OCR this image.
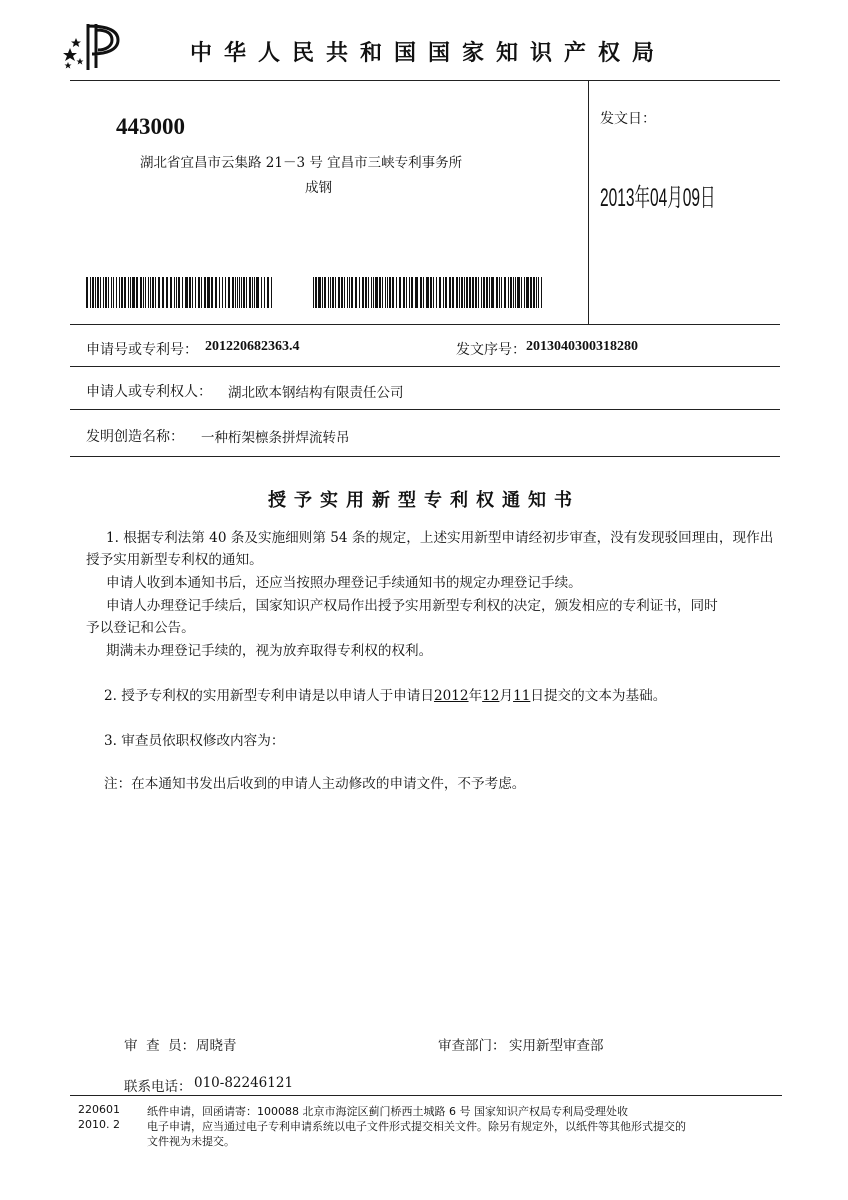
中华人民共和国国家知识产权局
443000
湖北省宜昌市云集路 21－3 号 宜昌市三峡专利事务所
成钢
发文日：
2013年04月09日
申请号或专利号： 201220682363.4	发文序号： 2013040300318280
申请人或专利权人： 湖北欧本钢结构有限责任公司
发明创造名称： 一种桁架檩条拼焊流转吊
授予实用新型专利权通知书
1. 根据专利法第 40 条及实施细则第 54 条的规定，上述实用新型申请经初步审查，没有发现驳回理由，现作出
授予实用新型专利权的通知。
申请人收到本通知书后，还应当按照办理登记手续通知书的规定办理登记手续。
申请人办理登记手续后，国家知识产权局作出授予实用新型专利权的决定，颁发相应的专利证书，同时
予以登记和公告。
期满未办理登记手续的，视为放弃取得专利权的权利。
2. 授予专利权的实用新型专利申请是以申请人于申请日2012年12月11日提交的文本为基础。
3. 审查员依职权修改内容为：
注：在本通知书发出后收到的申请人主动修改的申请文件，不予考虑。
审  查  员： 周晓青	审查部门： 实用新型审查部
联系电话： 010-82246121
220601
2010. 2
纸件申请，回函请寄：100088 北京市海淀区蓟门桥西土城路 6 号 国家知识产权局专利局受理处收
电子申请，应当通过电子专利申请系统以电子文件形式提交相关文件。除另有规定外，以纸件等其他形式提交的
文件视为未提交。
